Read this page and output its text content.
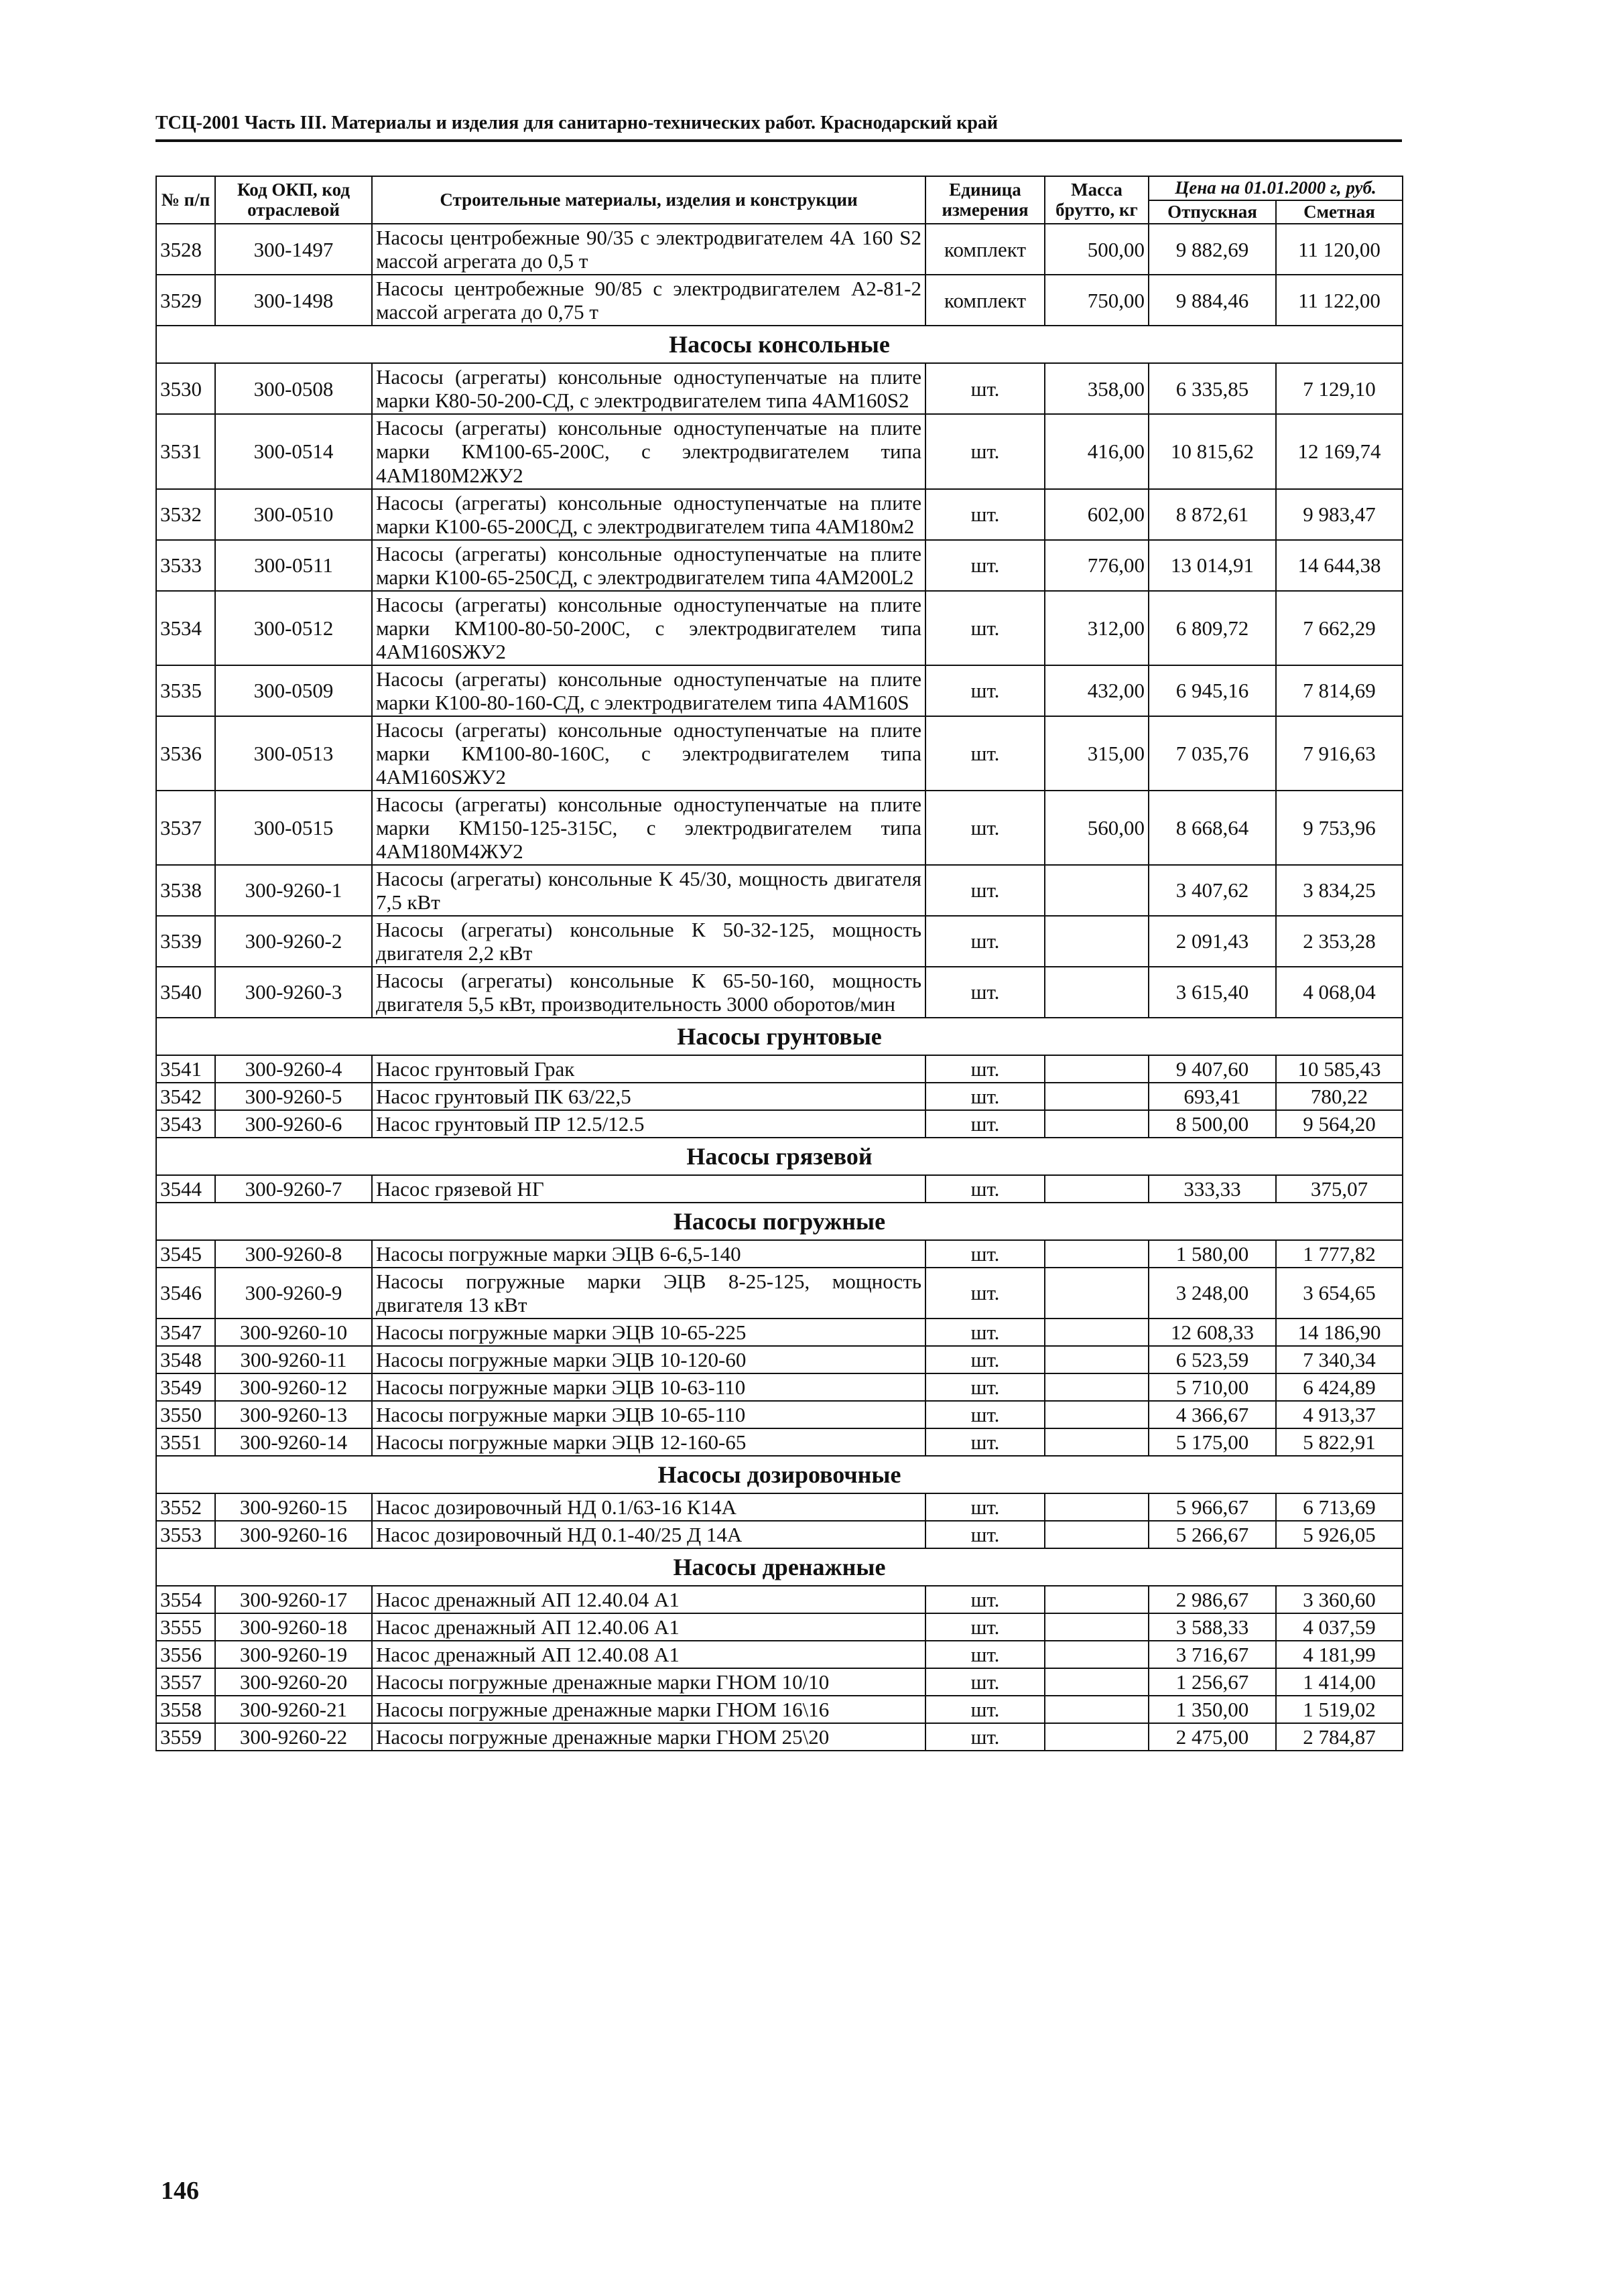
ТСЦ-2001 Часть III. Материалы и изделия для санитарно-технических работ. Краснодарский край
№ п/п	Код ОКП, код отраслевой	Строительные материалы, изделия и конструкции	Единица измерения	Масса брутто, кг	Цена на 01.01.2000 г, руб.	
					Отпускная	Сметная
3528	300-1497	Насосы центробежные 90/35 с электродвигателем 4А 160 S2 массой агрегата до 0,5 т	комплект	500,00	9 882,69	11 120,00
3529	300-1498	Насосы центробежные 90/85 с электродвигателем А2-81-2 массой агрегата до 0,75 т	комплект	750,00	9 884,46	11 122,00
Насосы консольные						
3530	300-0508	Насосы (агрегаты) консольные одноступенчатые на плите марки К80-50-200-СД, с электродвигателем типа 4АМ160S2	шт.	358,00	6 335,85	7 129,10
3531	300-0514	Насосы (агрегаты) консольные одноступенчатые на плите марки КМ100-65-200С, с электродвигателем типа 4АМ180М2ЖУ2	шт.	416,00	10 815,62	12 169,74
3532	300-0510	Насосы (агрегаты) консольные одноступенчатые на плите марки К100-65-200СД, с электродвигателем типа 4АМ180м2	шт.	602,00	8 872,61	9 983,47
3533	300-0511	Насосы (агрегаты) консольные одноступенчатые на плите марки К100-65-250СД, с электродвигателем типа 4АМ200L2	шт.	776,00	13 014,91	14 644,38
3534	300-0512	Насосы (агрегаты) консольные одноступенчатые на плите марки КМ100-80-50-200С, с электродвигателем типа 4АМ160SЖУ2	шт.	312,00	6 809,72	7 662,29
3535	300-0509	Насосы (агрегаты) консольные одноступенчатые на плите марки К100-80-160-СД, с электродвигателем типа 4АМ160S	шт.	432,00	6 945,16	7 814,69
3536	300-0513	Насосы (агрегаты) консольные одноступенчатые на плите марки КМ100-80-160С, с электродвигателем типа 4АМ160SЖУ2	шт.	315,00	7 035,76	7 916,63
3537	300-0515	Насосы (агрегаты) консольные одноступенчатые на плите марки КМ150-125-315С, с электродвигателем типа 4АМ180М4ЖУ2	шт.	560,00	8 668,64	9 753,96
3538	300-9260-1	Насосы (агрегаты) консольные К 45/30, мощность двигателя 7,5 кВт	шт.		3 407,62	3 834,25
3539	300-9260-2	Насосы (агрегаты) консольные К 50-32-125, мощность двигателя 2,2 кВт	шт.		2 091,43	2 353,28
3540	300-9260-3	Насосы (агрегаты) консольные К 65-50-160, мощность двигателя 5,5 кВт, производительность 3000 оборотов/мин	шт.		3 615,40	4 068,04
Насосы грунтовые						
3541	300-9260-4	Насос грунтовый Грак	шт.		9 407,60	10 585,43
3542	300-9260-5	Насос грунтовый ПК 63/22,5	шт.		693,41	780,22
3543	300-9260-6	Насос грунтовый ПР 12.5/12.5	шт.		8 500,00	9 564,20
Насосы грязевой						
3544	300-9260-7	Насос грязевой НГ	шт.		333,33	375,07
Насосы погружные						
3545	300-9260-8	Насосы погружные марки ЭЦВ 6-6,5-140	шт.		1 580,00	1 777,82
3546	300-9260-9	Насосы погружные марки ЭЦВ 8-25-125, мощность двигателя 13 кВт	шт.		3 248,00	3 654,65
3547	300-9260-10	Насосы погружные марки ЭЦВ 10-65-225	шт.		12 608,33	14 186,90
3548	300-9260-11	Насосы погружные марки ЭЦВ 10-120-60	шт.		6 523,59	7 340,34
3549	300-9260-12	Насосы погружные марки ЭЦВ 10-63-110	шт.		5 710,00	6 424,89
3550	300-9260-13	Насосы погружные марки ЭЦВ 10-65-110	шт.		4 366,67	4 913,37
3551	300-9260-14	Насосы погружные марки ЭЦВ 12-160-65	шт.		5 175,00	5 822,91
Насосы дозировочные						
3552	300-9260-15	Насос дозировочный НД 0.1/63-16 К14А	шт.		5 966,67	6 713,69
3553	300-9260-16	Насос дозировочный НД 0.1-40/25 Д 14А	шт.		5 266,67	5 926,05
Насосы дренажные						
3554	300-9260-17	Насос дренажный АП 12.40.04 А1	шт.		2 986,67	3 360,60
3555	300-9260-18	Насос дренажный АП 12.40.06 А1	шт.		3 588,33	4 037,59
3556	300-9260-19	Насос дренажный АП 12.40.08 А1	шт.		3 716,67	4 181,99
3557	300-9260-20	Насосы погружные дренажные марки ГНОМ 10/10	шт.		1 256,67	1 414,00
3558	300-9260-21	Насосы погружные дренажные марки ГНОМ 16\16	шт.		1 350,00	1 519,02
3559	300-9260-22	Насосы погружные дренажные марки ГНОМ 25\20	шт.		2 475,00	2 784,87
146
